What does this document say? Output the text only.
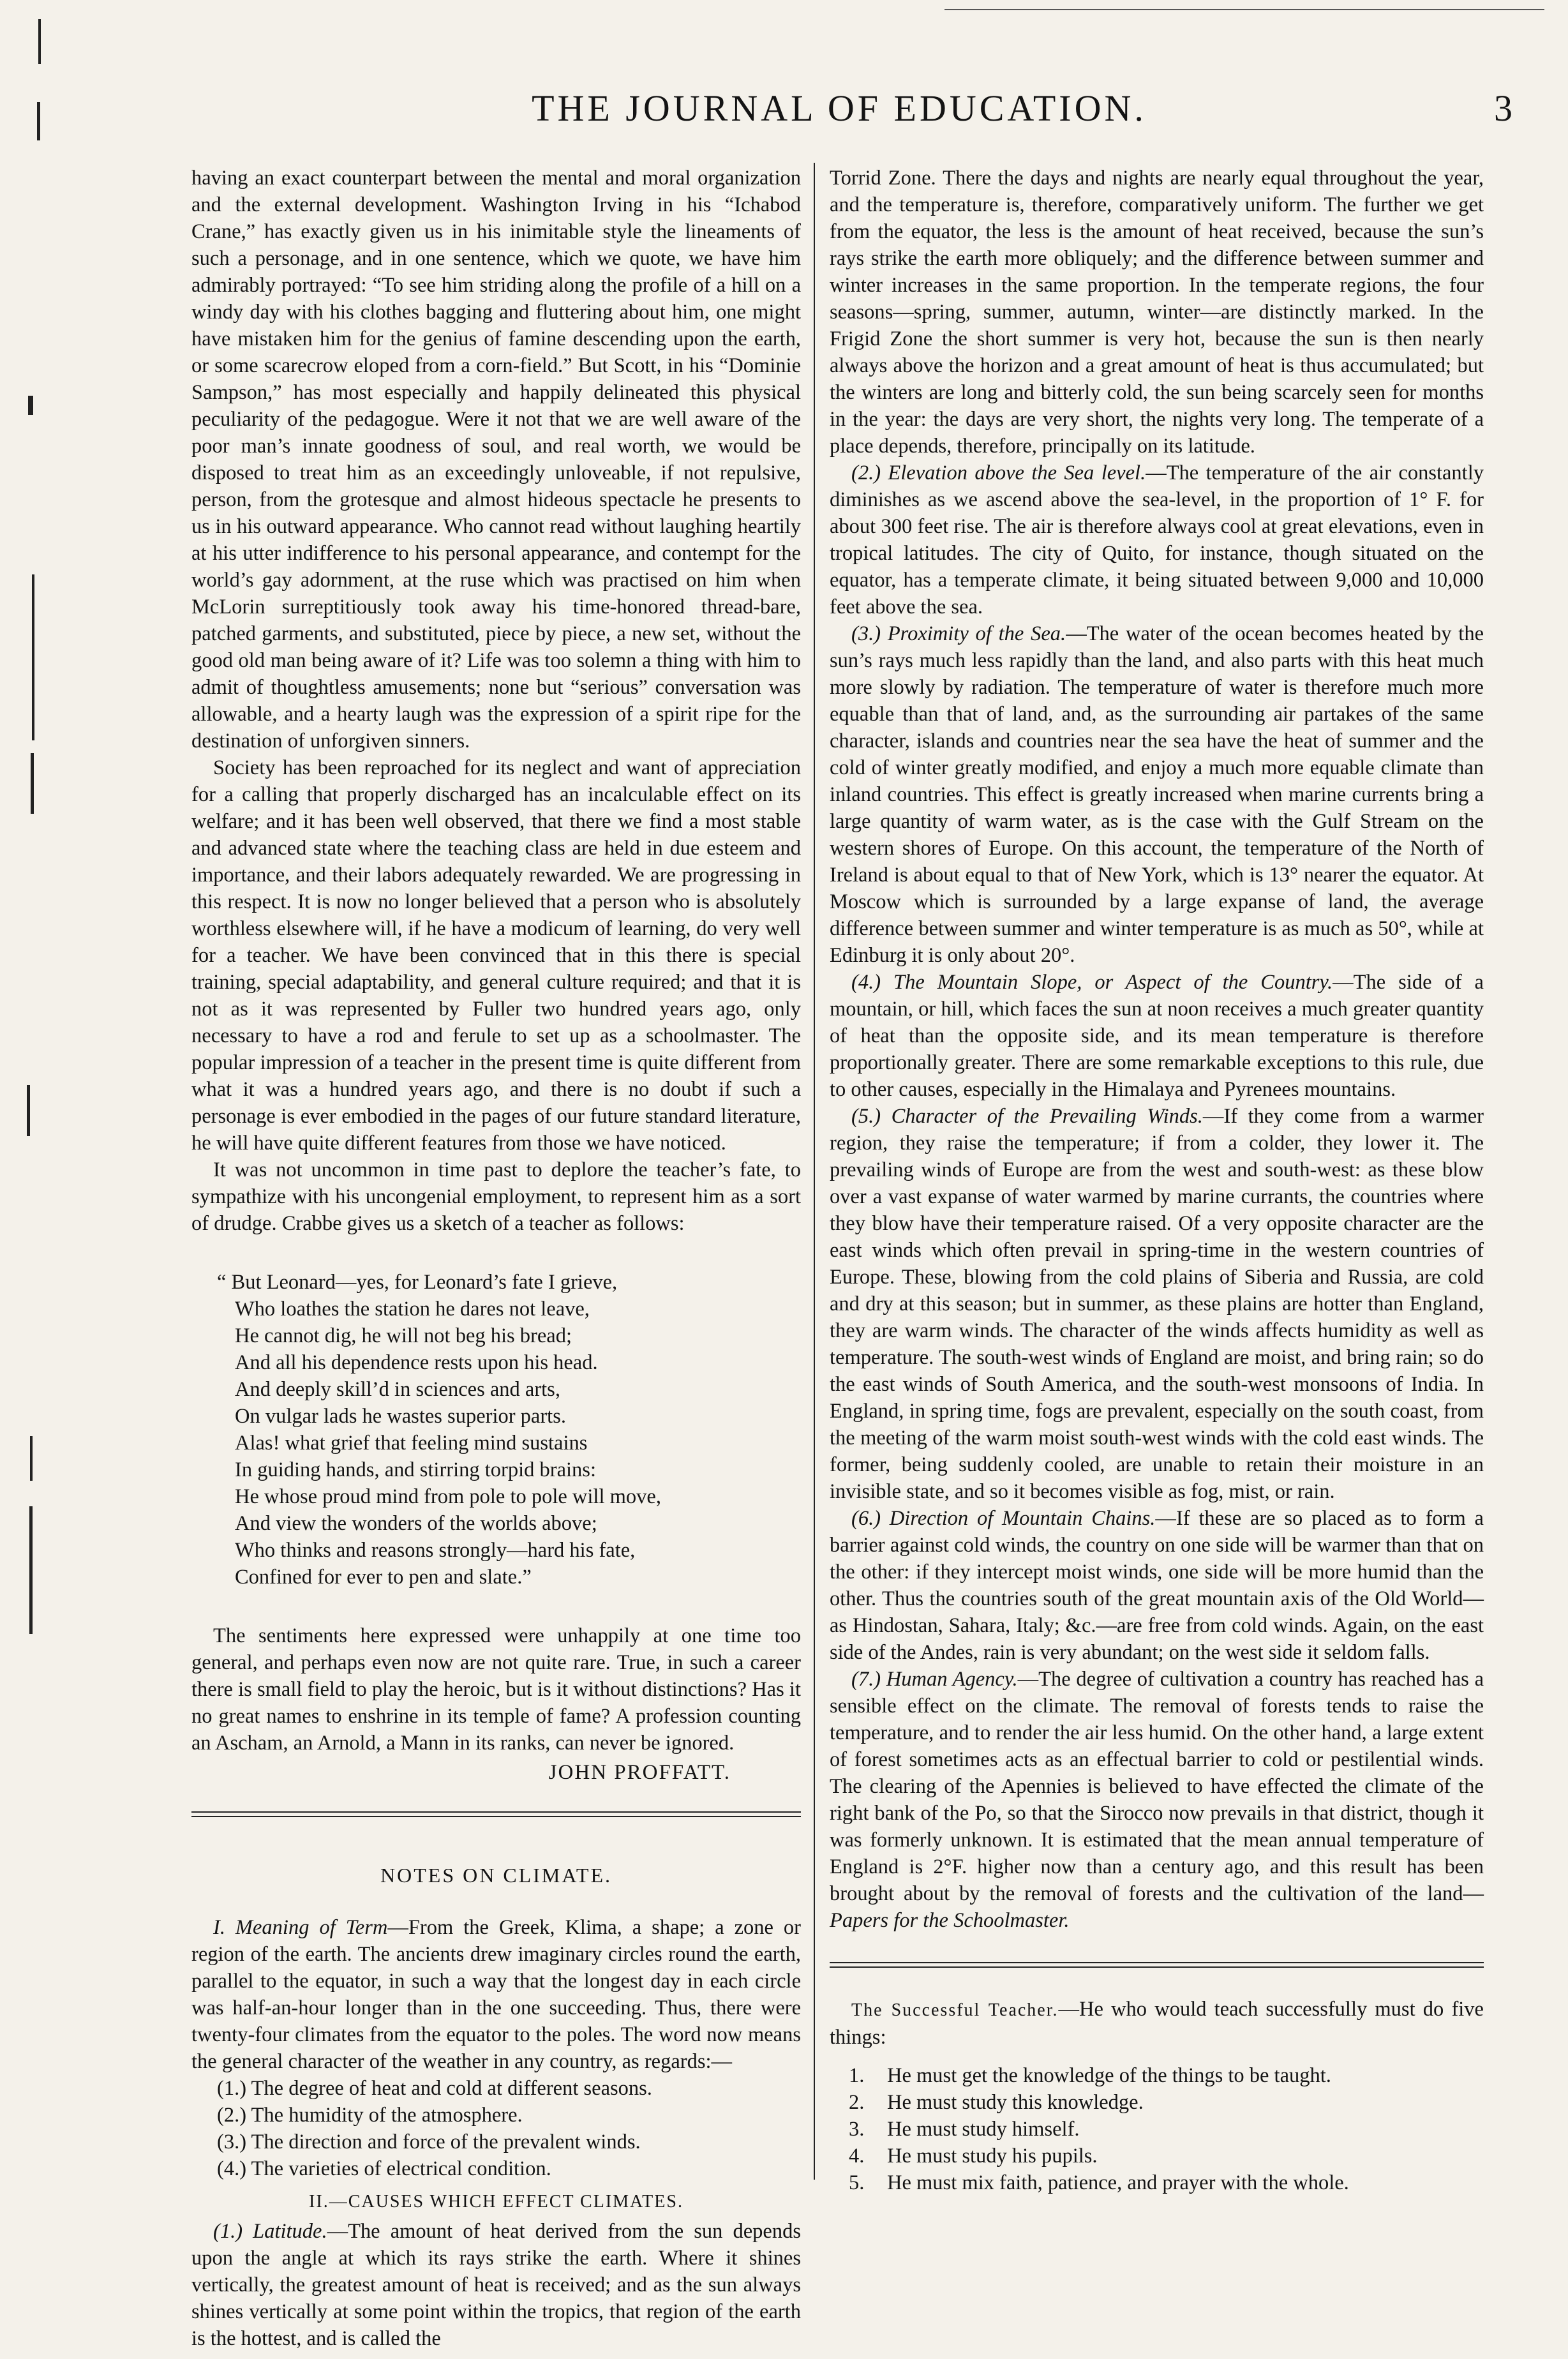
THE JOURNAL OF EDUCATION.	3

having an exact counterpart between the mental and moral organization and the external development. Washington Irving in his “Ichabod Crane,” has exactly given us in his inimitable style the lineaments of such a personage, and in one sentence, which we quote, we have him admirably portrayed: “To see him striding along the profile of a hill on a windy day with his clothes bagging and fluttering about him, one might have mistaken him for the genius of famine descending upon the earth, or some scarecrow eloped from a corn-field.” But Scott, in his “Dominie Sampson,” has most especially and happily delineated this physical peculiarity of the pedagogue. Were it not that we are well aware of the poor man’s innate goodness of soul, and real worth, we would be disposed to treat him as an exceedingly unloveable, if not repulsive, person, from the grotesque and almost hideous spectacle he presents to us in his outward appearance. Who cannot read without laughing heartily at his utter indifference to his personal appearance, and contempt for the world’s gay adornment, at the ruse which was practised on him when McLorin surreptitiously took away his time-honored thread-bare, patched garments, and substituted, piece by piece, a new set, without the good old man being aware of it? Life was too solemn a thing with him to admit of thoughtless amusements; none but “serious” conversation was allowable, and a hearty laugh was the expression of a spirit ripe for the destination of unforgiven sinners.

Society has been reproached for its neglect and want of appreciation for a calling that properly discharged has an incalculable effect on its welfare; and it has been well observed, that there we find a most stable and advanced state where the teaching class are held in due esteem and importance, and their labors adequately rewarded. We are progressing in this respect. It is now no longer believed that a person who is absolutely worthless elsewhere will, if he have a modicum of learning, do very well for a teacher. We have been convinced that in this there is special training, special adaptability, and general culture required; and that it is not as it was represented by Fuller two hundred years ago, only necessary to have a rod and ferule to set up as a schoolmaster. The popular impression of a teacher in the present time is quite different from what it was a hundred years ago, and there is no doubt if such a personage is ever embodied in the pages of our future standard literature, he will have quite different features from those we have noticed.

It was not uncommon in time past to deplore the teacher’s fate, to sympathize with his uncongenial employment, to represent him as a sort of drudge. Crabbe gives us a sketch of a teacher as follows:

“ But Leonard—yes, for Leonard’s fate I grieve,
Who loathes the station he dares not leave,
He cannot dig, he will not beg his bread;
And all his dependence rests upon his head.
And deeply skill’d in sciences and arts,
On vulgar lads he wastes superior parts.
Alas! what grief that feeling mind sustains
In guiding hands, and stirring torpid brains:
He whose proud mind from pole to pole will move,
And view the wonders of the worlds above;
Who thinks and reasons strongly—hard his fate,
Confined for ever to pen and slate.”

The sentiments here expressed were unhappily at one time too general, and perhaps even now are not quite rare. True, in such a career there is small field to play the heroic, but is it without distinctions? Has it no great names to enshrine in its temple of fame? A profession counting an Ascham, an Arnold, a Mann in its ranks, can never be ignored.

JOHN PROFFATT.
NOTES ON CLIMATE.

I. Meaning of Term—From the Greek, Klima, a shape; a zone or region of the earth. The ancients drew imaginary circles round the earth, parallel to the equator, in such a way that the longest day in each circle was half-an-hour longer than in the one succeeding. Thus, there were twenty-four climates from the equator to the poles. The word now means the general character of the weather in any country, as regards:—

(1.) The degree of heat and cold at different seasons.
(2.) The humidity of the atmosphere.
(3.) The direction and force of the prevalent winds.
(4.) The varieties of electrical condition.
II.—CAUSES WHICH EFFECT CLIMATES.

(1.) Latitude.—The amount of heat derived from the sun depends upon the angle at which its rays strike the earth. Where it shines vertically, the greatest amount of heat is received; and as the sun always shines vertically at some point within the tropics, that region of the earth is the hottest, and is called the

Torrid Zone. There the days and nights are nearly equal throughout the year, and the temperature is, therefore, comparatively uniform. The further we get from the equator, the less is the amount of heat received, because the sun’s rays strike the earth more obliquely; and the difference between summer and winter increases in the same proportion. In the temperate regions, the four seasons—spring, summer, autumn, winter—are distinctly marked. In the Frigid Zone the short summer is very hot, because the sun is then nearly always above the horizon and a great amount of heat is thus accumulated; but the winters are long and bitterly cold, the sun being scarcely seen for months in the year: the days are very short, the nights very long. The temperate of a place depends, therefore, principally on its latitude.

(2.) Elevation above the Sea level.—The temperature of the air constantly diminishes as we ascend above the sea-level, in the proportion of 1° F. for about 300 feet rise. The air is therefore always cool at great elevations, even in tropical latitudes. The city of Quito, for instance, though situated on the equator, has a temperate climate, it being situated between 9,000 and 10,000 feet above the sea.

(3.) Proximity of the Sea.—The water of the ocean becomes heated by the sun’s rays much less rapidly than the land, and also parts with this heat much more slowly by radiation. The temperature of water is therefore much more equable than that of land, and, as the surrounding air partakes of the same character, islands and countries near the sea have the heat of summer and the cold of winter greatly modified, and enjoy a much more equable climate than inland countries. This effect is greatly increased when marine currents bring a large quantity of warm water, as is the case with the Gulf Stream on the western shores of Europe. On this account, the temperature of the North of Ireland is about equal to that of New York, which is 13° nearer the equator. At Moscow which is surrounded by a large expanse of land, the average difference between summer and winter temperature is as much as 50°, while at Edinburg it is only about 20°.

(4.) The Mountain Slope, or Aspect of the Country.—The side of a mountain, or hill, which faces the sun at noon receives a much greater quantity of heat than the opposite side, and its mean temperature is therefore proportionally greater. There are some remarkable exceptions to this rule, due to other causes, especially in the Himalaya and Pyrenees mountains.

(5.) Character of the Prevailing Winds.—If they come from a warmer region, they raise the temperature; if from a colder, they lower it. The prevailing winds of Europe are from the west and south-west: as these blow over a vast expanse of water warmed by marine currants, the countries where they blow have their temperature raised. Of a very opposite character are the east winds which often prevail in spring-time in the western countries of Europe. These, blowing from the cold plains of Siberia and Russia, are cold and dry at this season; but in summer, as these plains are hotter than England, they are warm winds. The character of the winds affects humidity as well as temperature. The south-west winds of England are moist, and bring rain; so do the east winds of South America, and the south-west monsoons of India. In England, in spring time, fogs are prevalent, especially on the south coast, from the meeting of the warm moist south-west winds with the cold east winds. The former, being suddenly cooled, are unable to retain their moisture in an invisible state, and so it becomes visible as fog, mist, or rain.

(6.) Direction of Mountain Chains.—If these are so placed as to form a barrier against cold winds, the country on one side will be warmer than that on the other: if they intercept moist winds, one side will be more humid than the other. Thus the countries south of the great mountain axis of the Old World—as Hindostan, Sahara, Italy; &c.—are free from cold winds. Again, on the east side of the Andes, rain is very abundant; on the west side it seldom falls.

(7.) Human Agency.—The degree of cultivation a country has reached has a sensible effect on the climate. The removal of forests tends to raise the temperature, and to render the air less humid. On the other hand, a large extent of forest sometimes acts as an effectual barrier to cold or pestilential winds. The clearing of the Apennies is believed to have effected the climate of the right bank of the Po, so that the Sirocco now prevails in that district, though it was formerly unknown. It is estimated that the mean annual temperature of England is 2°F. higher now than a century ago, and this result has been brought about by the removal of forests and the cultivation of the land—Papers for the Schoolmaster.

The Successful Teacher.—He who would teach successfully must do five things:

1.	He must get the knowledge of the things to be taught.
2.	He must study this knowledge.
3.	He must study himself.
4.	He must study his pupils.
5.	He must mix faith, patience, and prayer with the whole.
